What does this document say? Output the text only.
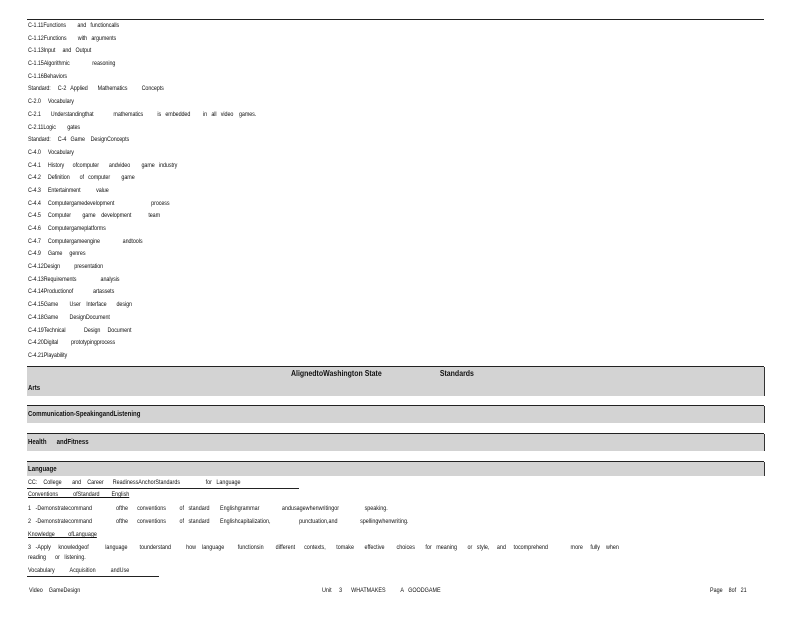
C-1.11Functions        and   functioncalls
C-1.12Functions        with   arguments
C-1.13Input     and   Output
C-1.15Algorithmic                reasoning
C-1.16Behaviors
Standard:     C-2   Applied       Mathematics          Concepts
C-2.0     Vocabulary
C-2.1       Understandingthat              mathematics          is   embedded         in   all   video    games.
C-2.11Logic        gates
Standard:     C-4   Game    DesignConcepts
C-4.0     Vocabulary
C-4.1     History      ofcomputer       andvideo        game   industry
C-4.2     Definition       of   computer        game
C-4.3     Entertainment           value
C-4.4     Computergamedevelopment                          process
C-4.5     Computer        game    development            team
C-4.6     Computergameplatforms
C-4.7     Computergameengine                andtools
C-4.9     Game     genres
C-4.12Design          presentation
C-4.13Requirements                 analysis
C-4.14Productionof              artassets
C-4.15Game        User    Interface       design
C-4.18Game        DesignDocument
C-4.19Technical             Design     Document
C-4.20Digital         prototypingprocess
C-4.21Playability
Arts
AlignedtoWashington State                              Standards
Communication-SpeakingandListening
Health      andFitness
Language
CC:    College       and    Career      ReadinessAnchorStandards                 for   Language
Conventions          ofStandard        English
1   -Demonstratecommand                ofthe      conventions         of   standard       Englishgrammar               andusagewhenwritingor                 speaking.
2   -Demonstratecommand                ofthe      conventions         of   standard       Englishcapitalization,                   punctuation,and               spellingwhenwriting.
Knowledge         ofLanguage
3   -Apply     knowledgeof           language        tounderstand          how    language         functionsin        different      contexts,       tomake       effective        choices       for   meaning       or   style,     and     tocomprehend               more     fully    when
reading      or   listening.
Vocabulary          Acquisition          andUse
Video    GameDesign	Unit     3      WHATMAKES          A   GOODGAME	Page    8of   21
